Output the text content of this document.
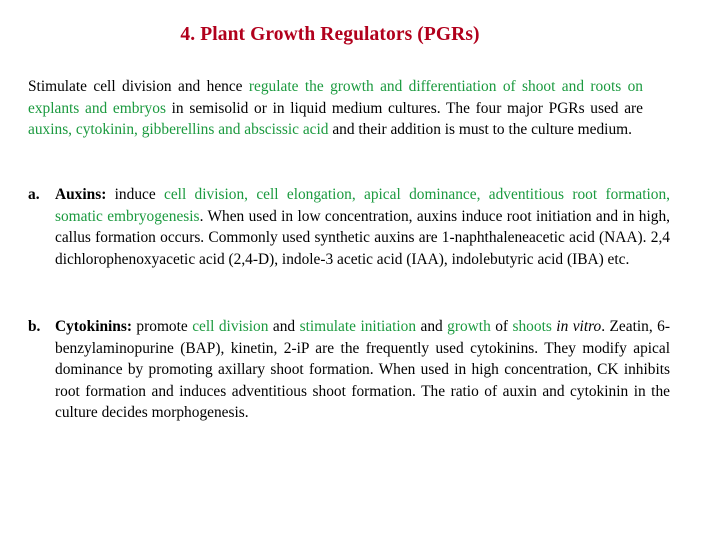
4. Plant Growth Regulators (PGRs)
Stimulate cell division and hence regulate the growth and differentiation of shoot and roots on explants and embryos in semisolid or in liquid medium cultures. The four major PGRs used are auxins, cytokinin, gibberellins and abscissic acid and their addition is must to the culture medium.
a. Auxins: induce cell division, cell elongation, apical dominance, adventitious root formation, somatic embryogenesis. When used in low concentration, auxins induce root initiation and in high, callus formation occurs. Commonly used synthetic auxins are 1-naphthaleneacetic acid (NAA). 2,4 dichlorophenoxyacetic acid (2,4-D), indole-3 acetic acid (IAA), indolebutyric acid (IBA) etc.
b. Cytokinins: promote cell division and stimulate initiation and growth of shoots in vitro. Zeatin, 6- benzylaminopurine (BAP), kinetin, 2-iP are the frequently used cytokinins. They modify apical dominance by promoting axillary shoot formation. When used in high concentration, CK inhibits root formation and induces adventitious shoot formation. The ratio of auxin and cytokinin in the culture decides morphogenesis.
